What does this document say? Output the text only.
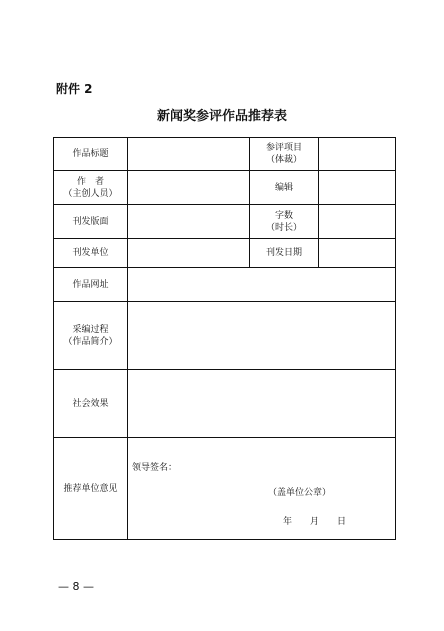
附件 2
新闻奖参评作品推荐表
作品标题		参评项目
（体裁）	

作　者
（主创人员）		编辑	
刊发版面		字数
（时长）	

刊发单位		刊发日期	
作品网址			

采编过程
（作品简介）			

社会效果			
推荐单位意见	领导签名：
（盖单位公章）
年　　月　　日		
— 8 —
